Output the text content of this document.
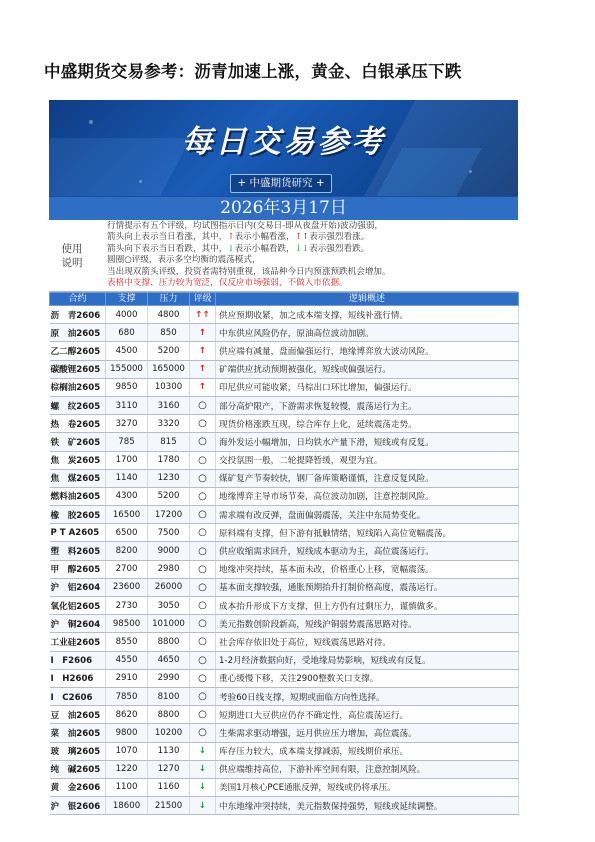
中盛期货交易参考：沥青加速上涨，黄金、白银承压下跌
每日交易参考
+ 中盛期货研究 +
2026年3月17日
使用
说明
行情提示有五个评级，均试图指示日内(交易日-即从夜盘开始)波动强弱，
箭头向上表示当日看涨，其中，↑表示小幅看涨，↑↑表示强烈看涨。
箭头向下表示当日看跌，其中，↓表示小幅看跌，↓↓表示强烈看跌。
圆圈○评级，表示多空均衡的震荡模式，
当出现双箭头评级，投资者需特别重视，该品种今日内预涨预跌机会增加。
表格中支撑、压力较为宽泛，仅反应市场强弱，不做入市依据。
合约	支撑	压力	评级	逻辑概述
沥　青2606	4000	4800	↑↑	供应预期收紧，加之成本端支撑，短线补涨行情。
原　油2605	680	850	↑	中东供应风险仍存，原油高位波动加剧。
乙二醇2605	4500	5200	↑	供应端有减量，盘面偏强运行，地缘博弈放大波动风险。
碳酸锂2605	155000	165000	↑	矿端供应扰动预期被强化，短线或偏强运行。
棕榈油2605	9850	10300	↑	印尼供应可能收紧，马棕出口环比增加，偏强运行。
螺　纹2605	3110	3160	○	部分高炉限产，下游需求恢复较慢，震荡运行为主。
热　卷2605	3270	3320	○	现货价格涨跌互现，综合库存上化，延续震荡走势。
铁　矿2605	785	815	○	海外发运小幅增加，日均铁水产量下滑，短线或有反复。
焦　炭2605	1700	1780	○	交投氛围一般，二轮提降暂缓，观望为宜。
焦　煤2605	1140	1230	○	煤矿复产节奏较快，钢厂备库策略谨慎，注意反复风险。
燃料油2605	4300	5200	○	地缘博弈主导市场节奏，高位波动加剧，注意控制风险。
橡　胶2605	16500	17200	○	需求端有改反弹，盘面偏弱震荡，关注中东局势变化。
P T A2605	6500	7500	○	原料端有支撑，但下游有抵触情绪，短线陷入高位宽幅震荡。
塑　料2605	8200	9000	○	供应收缩需求回升，短线成本驱动为主，高位震荡运行。
甲　醇2605	2700	2980	○	地缘冲突持续，基本面未改，价格重心上移，宽幅震荡。
沪　铝2604	23600	26000	○	基本面支撑较强，通胀预期抬升打制价格高度，震荡运行。
氧化铝2605	2730	3050	○	成本抬升形成下方支撑，但上方仍有过剩压力，谨慎做多。
沪　铜2604	98500	101000	○	美元指数创阶段新高，短线沪铜弱势震荡思路对待。
工业硅2605	8550	8800	○	社会库存依旧处于高位，短线震荡思路对待。
I　F2606	4550	4650	○	1-2月经济数据向好，受地缘局势影响，短线或有反复。
I　H2606	2910	2990	○	重心缓慢下移，关注2900整数关口支撑。
I　C2606	7850	8100	○	考验60日线支撑，短期或面临方向性选择。
豆　油2605	8620	8800	○	短期进口大豆供应仍存不确定性，高位震荡运行。
菜　油2605	9800	10200	○	生柴需求驱动增强，远月供应压力增加，高位震荡。
玻　璃2605	1070	1130	↓	库存压力较大，成本端支撑减弱，短线期价承压。
纯　碱2605	1220	1270	↓	供应端维持高位，下游补库空间有限，注意控制风险。
黄　金2606	1100	1160	↓	美国1月核心PCE通胀反弹，短线或仍将承压。
沪　银2606	18600	21500	↓	中东地缘冲突持续，美元指数保持强势，短线或延续调整。
